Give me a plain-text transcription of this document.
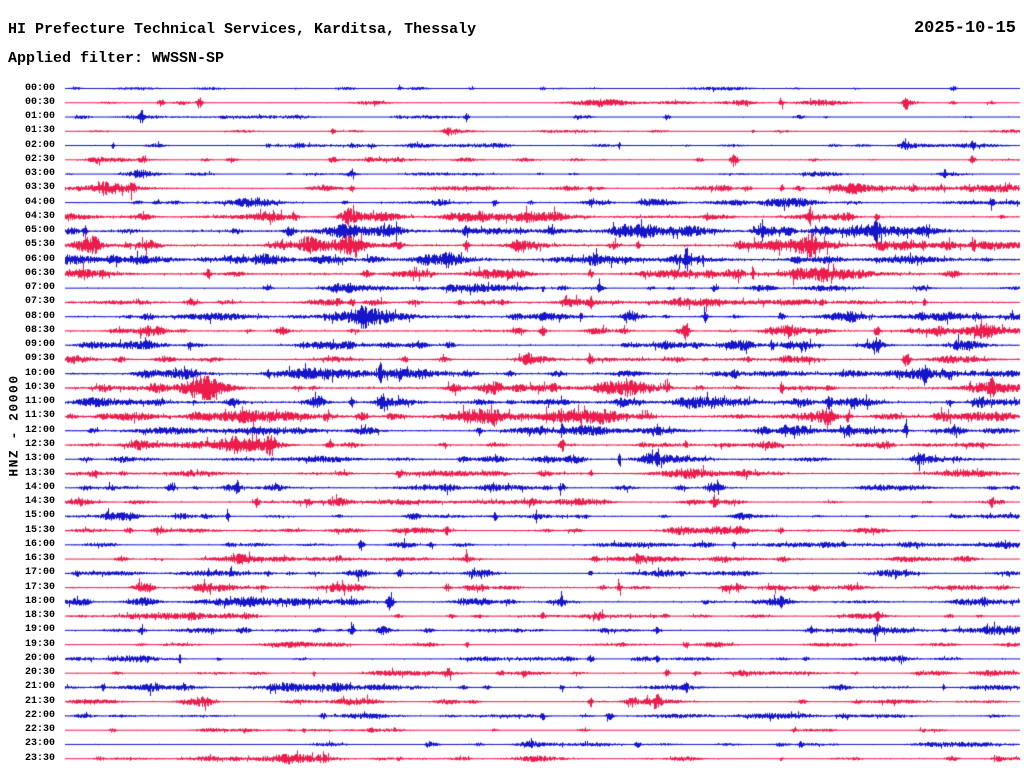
HI Prefecture Technical Services, Karditsa, Thessaly	2025-10-15
Applied filter: WWSSN-SP
HNZ - 20000
00:00
00:30
01:00
01:30
02:00
02:30
03:00
03:30
04:00
04:30
05:00
05:30
06:00
06:30
07:00
07:30
08:00
08:30
09:00
09:30
10:00
10:30
11:00
11:30
12:00
12:30
13:00
13:30
14:00
14:30
15:00
15:30
16:00
16:30
17:00
17:30
18:00
18:30
19:00
19:30
20:00
20:30
21:00
21:30
22:00
22:30
23:00
23:30
